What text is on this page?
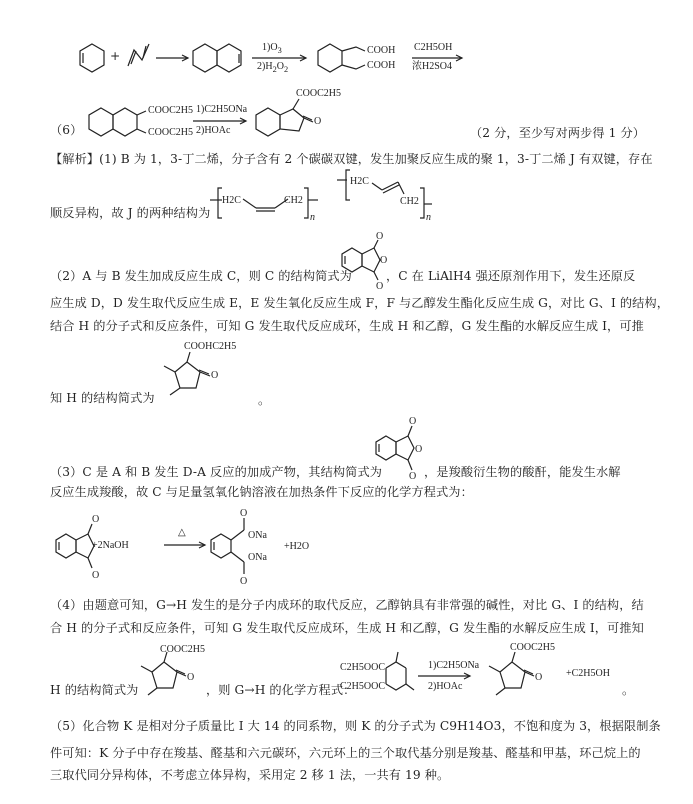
+
$1)O_3$
$2)H_2O_2$
COOH
COOH
C2H5OH
浓H2SO4
（6）
COOC2H5
COOC2H5
1)C2H5ONa
2)HOAc
COOC2H5
O
（2 分，至少写对两步得 1 分）
【解析】(1) B 为 1，3-丁二烯，分子含有 2 个碳碳双键，发生加聚反应生成的聚 1，3-丁二烯 J 有双键，存在
顺反异构，故 J 的两种结构为
H2C	CH2
n
H2C
CH2
n
（2）A 与 B 发生加成反应生成 C，则 C 的结构简式为
O
O
O
，C 在 LiAlH4 强还原剂作用下，发生还原反
应生成 D，D 发生取代反应生成 E，E 发生氧化反应生成 F，F 与乙醇发生酯化反应生成 G，对比 G、I 的结构，
结合 H 的分子式和反应条件，可知 G 发生取代反应成环，生成 H 和乙醇，G 发生酯的水解反应生成 I，可推
COOHC2H5
O
知 H 的结构简式为	。
O
O
O
（3）C 是 A 和 B 发生 D-A 反应的加成产物，其结构简式为	，是羧酸衍生物的酸酐，能发生水解
反应生成羧酸，故 C 与足量氢氧化钠溶液在加热条件下反应的化学方程式为：
O
O
O
O
+2NaOH
△	ONa
ONa
+H2O
（4）由题意可知，G→H 发生的是分子内成环的取代反应，乙醇钠具有非常强的碱性，对比 G、I 的结构，结
合 H 的分子式和反应条件，可知 G 发生取代反应成环，生成 H 和乙醇，G 发生酯的水解反应生成 I，可推知
O
COOC2H5
H 的结构简式为	，则 G→H 的化学方程式：
O
C2H5OOC
C2H5OOC
1)C2H5ONa
2)HOAc
COOC2H5
+C2H5OH
。
（5）化合物 K 是相对分子质量比 I 大 14 的同系物，则 K 的分子式为 C9H14O3，不饱和度为 3，根据限制条
件可知：K 分子中存在羧基、醛基和六元碳环，六元环上的三个取代基分别是羧基、醛基和甲基，环己烷上的
三取代同分异构体，不考虑立体异构，采用定 2 移 1 法，一共有 19 种。
